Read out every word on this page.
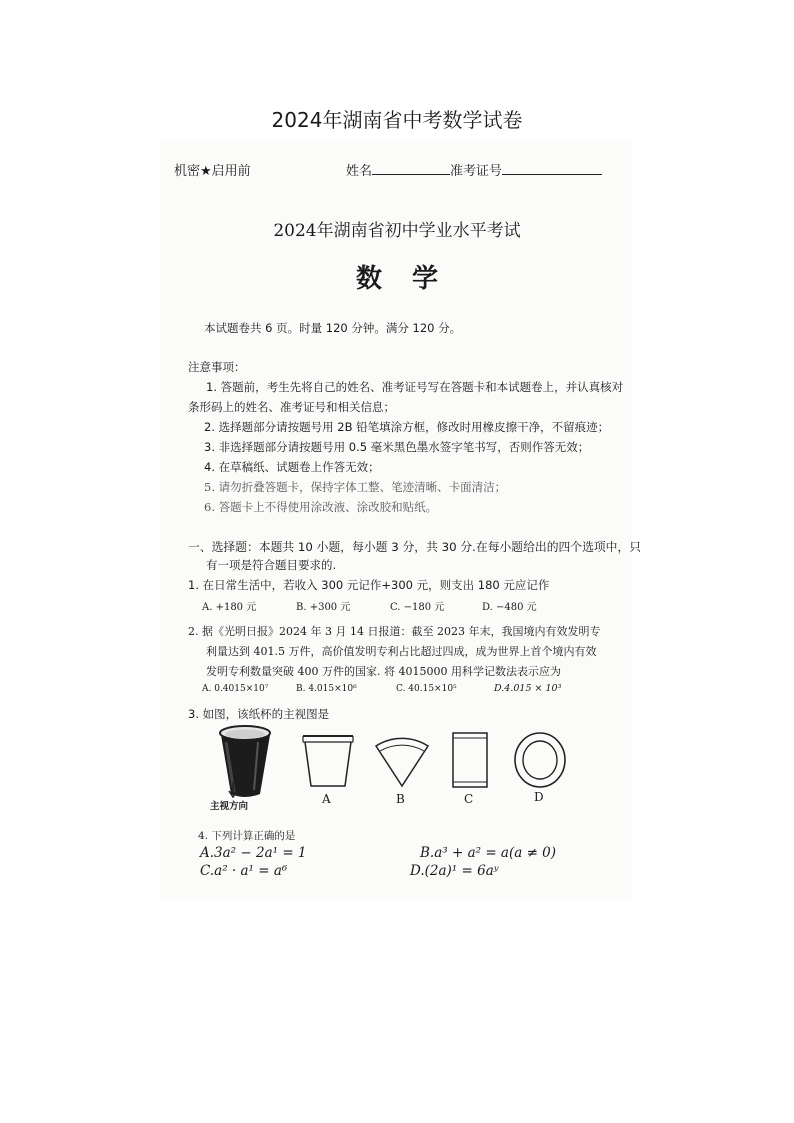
2024年湖南省中考数学试卷
机密★启用前	姓名	准考证号
2024年湖南省初中学业水平考试
数学
本试题卷共 6 页。时量 120 分钟。满分 120 分。
注意事项：
1. 答题前，考生先将自己的姓名、准考证号写在答题卡和本试题卷上，并认真核对
条形码上的姓名、准考证号和相关信息；
2. 选择题部分请按题号用 2B 铅笔填涂方框，修改时用橡皮擦干净，不留痕迹；
3. 非选择题部分请按题号用 0.5 毫米黑色墨水签字笔书写，否则作答无效；
4. 在草稿纸、试题卷上作答无效；
5. 请勿折叠答题卡，保持字体工整、笔迹清晰、卡面清洁；
6. 答题卡上不得使用涂改液、涂改胶和贴纸。
一、选择题：本题共 10 小题，每小题 3 分，共 30 分.在每小题给出的四个选项中，只
有一项是符合题目要求的.
1. 在日常生活中，若收入 300 元记作+300 元，则支出 180 元应记作
A. +180 元	B. +300 元	C. −180 元	D. −480 元
2. 据《光明日报》2024 年 3 月 14 日报道：截至 2023 年末，我国境内有效发明专
利量达到 401.5 万件，高价值发明专利占比超过四成，成为世界上首个境内有效
发明专利数量突破 400 万件的国家. 将 4015000 用科学记数法表示应为
A. 0.4015×10⁷	B. 4.015×10⁶	C. 40.15×10⁵	D.4.015 × 10³
3. 如图，该纸杯的主视图是
主视方向
A	B	C	D
4. 下列计算正确的是
A.3a² − 2a¹ = 1	B.a³ + a² = a(a ≠ 0)
C.a² · a¹ = a⁶	D.(2a)¹ = 6aʸ
